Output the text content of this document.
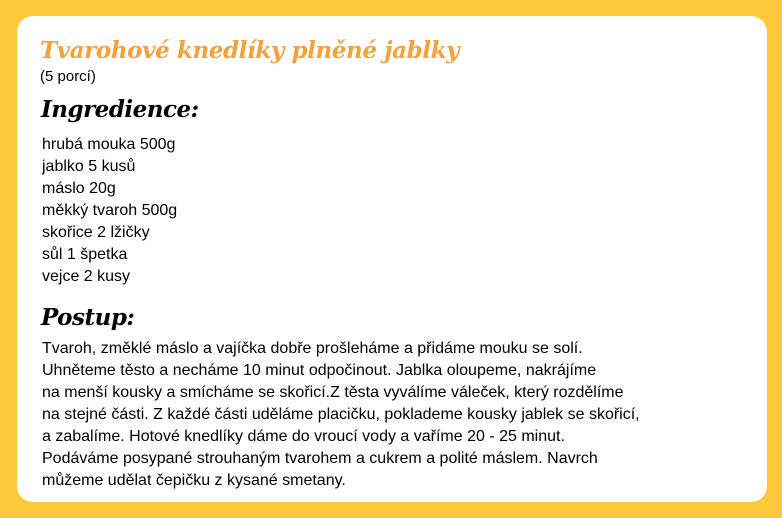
Tvarohové knedlíky plněné jablky
(5 porcí)
Ingredience:
hrubá mouka 500g
jablko 5 kusů
máslo 20g
měkký tvaroh 500g
skořice 2 lžičky
sůl 1 špetka
vejce 2 kusy
Postup:
Tvaroh, změklé máslo a vajíčka dobře prošleháme a přidáme mouku se solí.
Uhněteme těsto a necháme 10 minut odpočinout. Jablka oloupeme, nakrájíme
na menší kousky a smícháme se skořicí.Z těsta vyválíme váleček, který rozdělíme
na stejné části. Z každé části uděláme placičku, poklademe kousky jablek se skořicí,
a zabalíme. Hotové knedlíky dáme do vroucí vody a vaříme 20 - 25 minut.
Podáváme posypané strouhaným tvarohem a cukrem a polité máslem. Navrch
můžeme udělat čepičku z kysané smetany.
